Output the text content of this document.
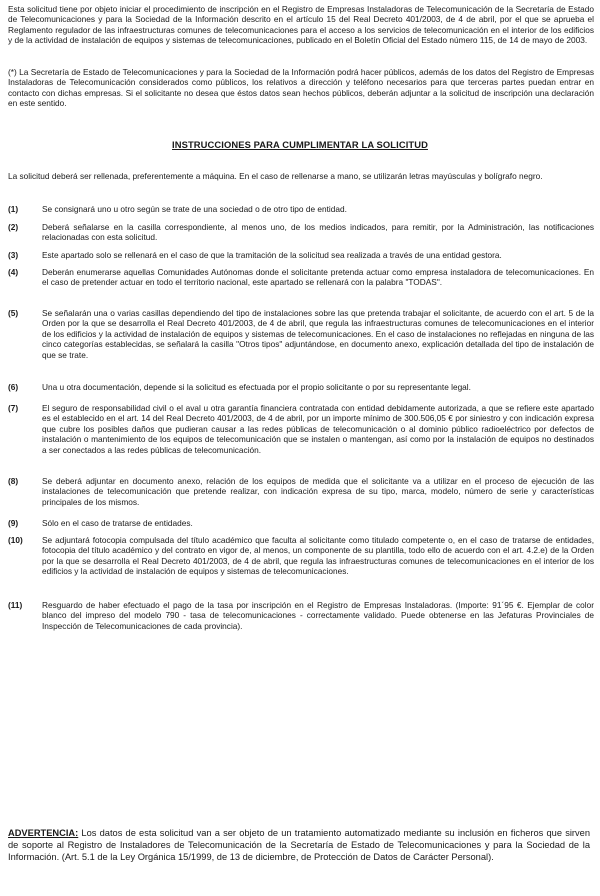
Esta solicitud tiene por objeto iniciar el procedimiento de inscripción en el Registro de Empresas Instaladoras de Telecomunicación de la Secretaría de Estado de Telecomunicaciones y para la Sociedad de la Información descrito en el artículo 15 del Real Decreto 401/2003, de 4 de abril, por el que se aprueba el Reglamento regulador de las infraestructuras comunes de telecomunicaciones para el acceso a los servicios de telecomunicación en el interior de los edificios y de la actividad de instalación de equipos y sistemas de telecomunicaciones, publicado en el Boletín Oficial del Estado número 115, de 14 de mayo de 2003.

(*) La Secretaría de Estado de Telecomunicaciones y para la Sociedad de la Información podrá hacer públicos, además de los datos del Registro de Empresas Instaladoras de Telecomunicación considerados como públicos, los relativos a dirección y teléfono necesarios para que terceras partes puedan entrar en contacto con dichas empresas. Si el solicitante no desea que éstos datos sean hechos públicos, deberán adjuntar a la solicitud de inscripción una declaración en este sentido.

INSTRUCCIONES PARA CUMPLIMENTAR LA SOLICITUD

La solicitud deberá ser rellenada, preferentemente a máquina. En el caso de rellenarse a mano, se utilizarán letras mayúsculas y bolígrafo negro.

(1)	Se consignará uno u otro según se trate de una sociedad o de otro tipo de entidad.
(2)	Deberá señalarse en la casilla correspondiente, al menos uno, de los medios indicados, para remitir, por la Administración, las notificaciones relacionadas con esta solicitud.
(3)	Este apartado solo se rellenará en el caso de que la tramitación de la solicitud sea realizada a través de una entidad gestora.
(4)	Deberán enumerarse aquellas Comunidades Autónomas donde el solicitante pretenda actuar como empresa instaladora de telecomunicaciones. En el caso de pretender actuar en todo el territorio nacional, este apartado se rellenará con la palabra "TODAS".
(5)	Se señalarán una o varias casillas dependiendo del tipo de instalaciones sobre las que pretenda trabajar el solicitante, de acuerdo con el art. 5 de la Orden por la que se desarrolla el Real Decreto 401/2003, de 4 de abril, que regula las infraestructuras comunes de telecomunicaciones en el interior de los edificios y la actividad de instalación de equipos y sistemas de telecomunicaciones. En el caso de instalaciones no reflejadas en ninguna de las cinco categorías establecidas, se señalará la casilla "Otros tipos" adjuntándose, en documento anexo, explicación detallada del tipo de instalación de que se trate.
(6)	Una u otra documentación, depende si la solicitud es efectuada por el propio solicitante o por su representante legal.
(7)	El seguro de responsabilidad civil o el aval u otra garantía financiera contratada con entidad debidamente autorizada, a que se refiere este apartado es el establecido en el art. 14 del Real Decreto 401/2003, de 4 de abril, por un importe mínimo de 300.506,05 € por siniestro y con indicación expresa que cubre los posibles daños que pudieran causar a las redes públicas de telecomunicación o al dominio público radioeléctrico por defectos de instalación o mantenimiento de los equipos de telecomunicación que se instalen o mantengan, así como por la instalación de equipos no destinados a ser conectados a las redes públicas de telecomunicación.
(8)	Se deberá adjuntar en documento anexo, relación de los equipos de medida que el solicitante va a utilizar en el proceso de ejecución de las instalaciones de telecomunicación que pretende realizar, con indicación expresa de su tipo, marca, modelo, número de serie y características principales de los mismos.
(9)	Sólo en el caso de tratarse de entidades.
(10)	Se adjuntará fotocopia compulsada del título académico que faculta al solicitante como titulado competente o, en el caso de tratarse de entidades, fotocopia del título académico y del contrato en vigor de, al menos, un componente de su plantilla, todo ello de acuerdo con el art. 4.2.e) de la Orden por la que se desarrolla el Real Decreto 401/2003, de 4 de abril, que regula las infraestructuras comunes de telecomunicaciones en el interior de los edificios y la actividad de instalación de equipos y sistemas de telecomunicaciones.
(11)	Resguardo de haber efectuado el pago de la tasa por inscripción en el Registro de Empresas Instaladoras. (Importe: 91´95 €. Ejemplar de color blanco del impreso del modelo 790 - tasa de telecomunicaciones - correctamente validado. Puede obtenerse en las Jefaturas Provinciales de Inspección de Telecomunicaciones de cada provincia).

ADVERTENCIA: Los datos de esta solicitud van a ser objeto de un tratamiento automatizado mediante su inclusión en ficheros que sirven de soporte al Registro de Instaladores de Telecomunicación de la Secretaría de Estado de Telecomunicaciones y para la Sociedad de la Información. (Art. 5.1 de la Ley Orgánica 15/1999, de 13 de diciembre, de Protección de Datos de Carácter Personal).
